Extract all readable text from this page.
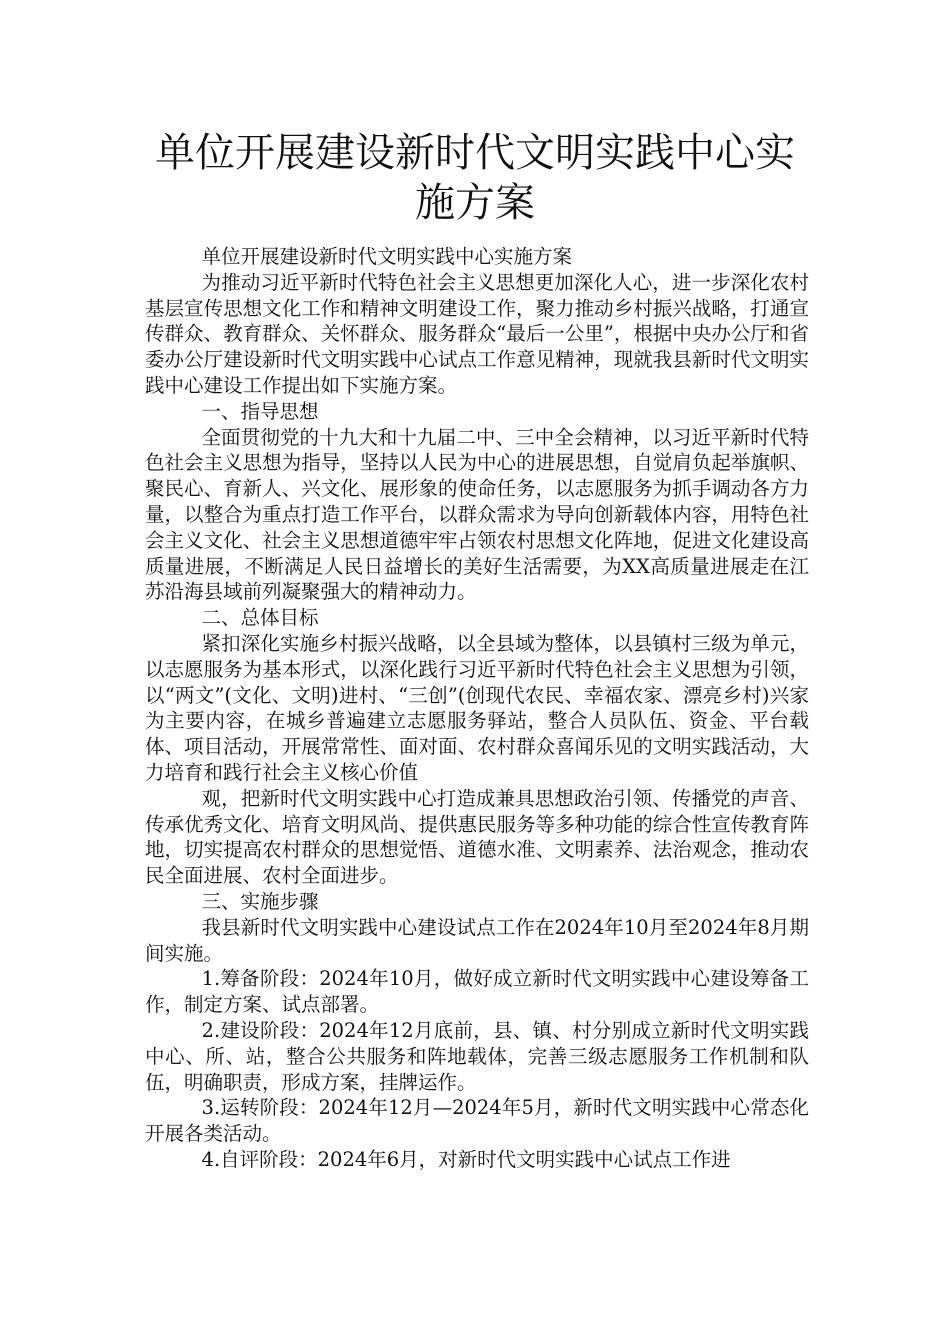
单位开展建设新时代文明实践中心实施方案

单位开展建设新时代文明实践中心实施方案

为推动习近平新时代特色社会主义思想更加深化人心，进一步深化农村基层宣传思想文化工作和精神文明建设工作，聚力推动乡村振兴战略，打通宣传群众、教育群众、关怀群众、服务群众“最后一公里”，根据中央办公厅和省委办公厅建设新时代文明实践中心试点工作意见精神，现就我县新时代文明实践中心建设工作提出如下实施方案。

一、指导思想

全面贯彻党的十九大和十九届二中、三中全会精神，以习近平新时代特色社会主义思想为指导，坚持以人民为中心的进展思想，自觉肩负起举旗帜、聚民心、育新人、兴文化、展形象的使命任务，以志愿服务为抓手调动各方力量，以整合为重点打造工作平台，以群众需求为导向创新载体内容，用特色社会主义文化、社会主义思想道德牢牢占领农村思想文化阵地，促进文化建设高质量进展，不断满足人民日益增长的美好生活需要，为XX高质量进展走在江苏沿海县域前列凝聚强大的精神动力。

二、总体目标

紧扣深化实施乡村振兴战略，以全县域为整体，以县镇村三级为单元，以志愿服务为基本形式，以深化践行习近平新时代特色社会主义思想为引领，以“两文”(文化、文明)进村、“三创”(创现代农民、幸福农家、漂亮乡村)兴家为主要内容，在城乡普遍建立志愿服务驿站，整合人员队伍、资金、平台载体、项目活动，开展常常性、面对面、农村群众喜闻乐见的文明实践活动，大力培育和践行社会主义核心价值

观，把新时代文明实践中心打造成兼具思想政治引领、传播党的声音、传承优秀文化、培育文明风尚、提供惠民服务等多种功能的综合性宣传教育阵地，切实提高农村群众的思想觉悟、道德水准、文明素养、法治观念，推动农民全面进展、农村全面进步。

三、实施步骤

我县新时代文明实践中心建设试点工作在2024年10月至2024年8月期间实施。

1.筹备阶段：2024年10月，做好成立新时代文明实践中心建设筹备工作，制定方案、试点部署。

2.建设阶段：2024年12月底前，县、镇、村分别成立新时代文明实践中心、所、站，整合公共服务和阵地载体，完善三级志愿服务工作机制和队伍，明确职责，形成方案，挂牌运作。

3.运转阶段：2024年12月—2024年5月，新时代文明实践中心常态化开展各类活动。

4.自评阶段：2024年6月，对新时代文明实践中心试点工作进
